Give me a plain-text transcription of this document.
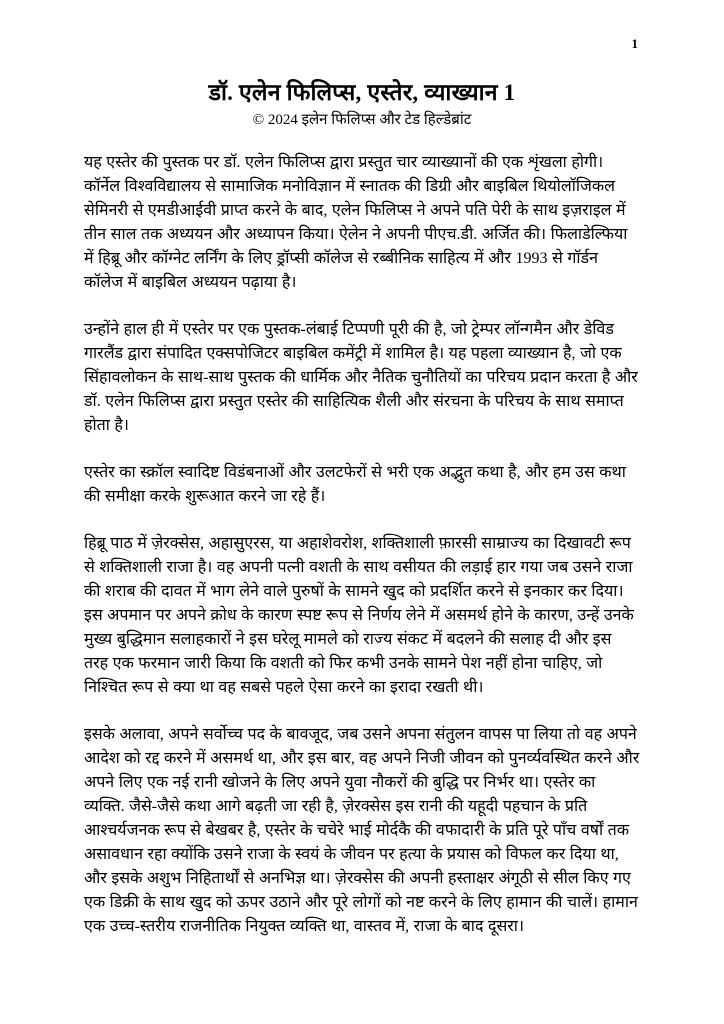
1
डॉ. एलेन फिलिप्स, एस्तेर, व्याख्यान 1
© 2024 इलेन फिलिप्स और टेड हिल्डेब्रांट

यह एस्तेर की पुस्तक पर डॉ. एलेन फिलिप्स द्वारा प्रस्तुत चार व्याख्यानों की एक शृंखला होगी। कॉर्नेल विश्वविद्यालय से सामाजिक मनोविज्ञान में स्नातक की डिग्री और बाइबिल थियोलॉजिकल सेमिनरी से एमडीआईवी प्राप्त करने के बाद, एलेन फिलिप्स ने अपने पति पेरी के साथ इज़राइल में तीन साल तक अध्ययन और अध्यापन किया। ऐलेन ने अपनी पीएच.डी. अर्जित की। फिलाडेल्फिया में हिब्रू और कॉग्नेट लर्निंग के लिए ड्रॉप्सी कॉलेज से रब्बीनिक साहित्य में और 1993 से गॉर्डन कॉलेज में बाइबिल अध्ययन पढ़ाया है।

उन्होंने हाल ही में एस्तेर पर एक पुस्तक-लंबाई टिप्पणी पूरी की है, जो ट्रेम्पर लॉन्गमैन और डेविड गारलैंड द्वारा संपादित एक्सपोजिटर बाइबिल कमेंट्री में शामिल है। यह पहला व्याख्यान है, जो एक सिंहावलोकन के साथ-साथ पुस्तक की धार्मिक और नैतिक चुनौतियों का परिचय प्रदान करता है और डॉ. एलेन फिलिप्स द्वारा प्रस्तुत एस्तेर की साहित्यिक शैली और संरचना के परिचय के साथ समाप्त होता है।

एस्तेर का स्क्रॉल स्वादिष्ट विडंबनाओं और उलटफेरों से भरी एक अद्भुत कथा है, और हम उस कथा की समीक्षा करके शुरूआत करने जा रहे हैं।

हिब्रू पाठ में ज़ेरक्सेस, अहासुएरस, या अहाशेवरोश, शक्तिशाली फ़ारसी साम्राज्य का दिखावटी रूप से शक्तिशाली राजा है। वह अपनी पत्नी वशती के साथ वसीयत की लड़ाई हार गया जब उसने राजा की शराब की दावत में भाग लेने वाले पुरुषों के सामने खुद को प्रदर्शित करने से इनकार कर दिया। इस अपमान पर अपने क्रोध के कारण स्पष्ट रूप से निर्णय लेने में असमर्थ होने के कारण, उन्हें उनके मुख्य बुद्धिमान सलाहकारों ने इस घरेलू मामले को राज्य संकट में बदलने की सलाह दी और इस तरह एक फरमान जारी किया कि वशती को फिर कभी उनके सामने पेश नहीं होना चाहिए, जो निश्चित रूप से क्या था वह सबसे पहले ऐसा करने का इरादा रखती थी।

इसके अलावा, अपने सर्वोच्च पद के बावजूद, जब उसने अपना संतुलन वापस पा लिया तो वह अपने आदेश को रद्द करने में असमर्थ था, और इस बार, वह अपने निजी जीवन को पुनर्व्यवस्थित करने और अपने लिए एक नई रानी खोजने के लिए अपने युवा नौकरों की बुद्धि पर निर्भर था। एस्तेर का व्यक्ति. जैसे-जैसे कथा आगे बढ़ती जा रही है, ज़ेरक्सेस इस रानी की यहूदी पहचान के प्रति आश्चर्यजनक रूप से बेखबर है, एस्तेर के चचेरे भाई मोर्दकै की वफादारी के प्रति पूरे पाँच वर्षों तक असावधान रहा क्योंकि उसने राजा के स्वयं के जीवन पर हत्या के प्रयास को विफल कर दिया था, और इसके अशुभ निहितार्थों से अनभिज्ञ था। ज़ेरक्सेस की अपनी हस्ताक्षर अंगूठी से सील किए गए एक डिक्री के साथ खुद को ऊपर उठाने और पूरे लोगों को नष्ट करने के लिए हामान की चालें। हामान एक उच्च-स्तरीय राजनीतिक नियुक्त व्यक्ति था, वास्तव में, राजा के बाद दूसरा।
